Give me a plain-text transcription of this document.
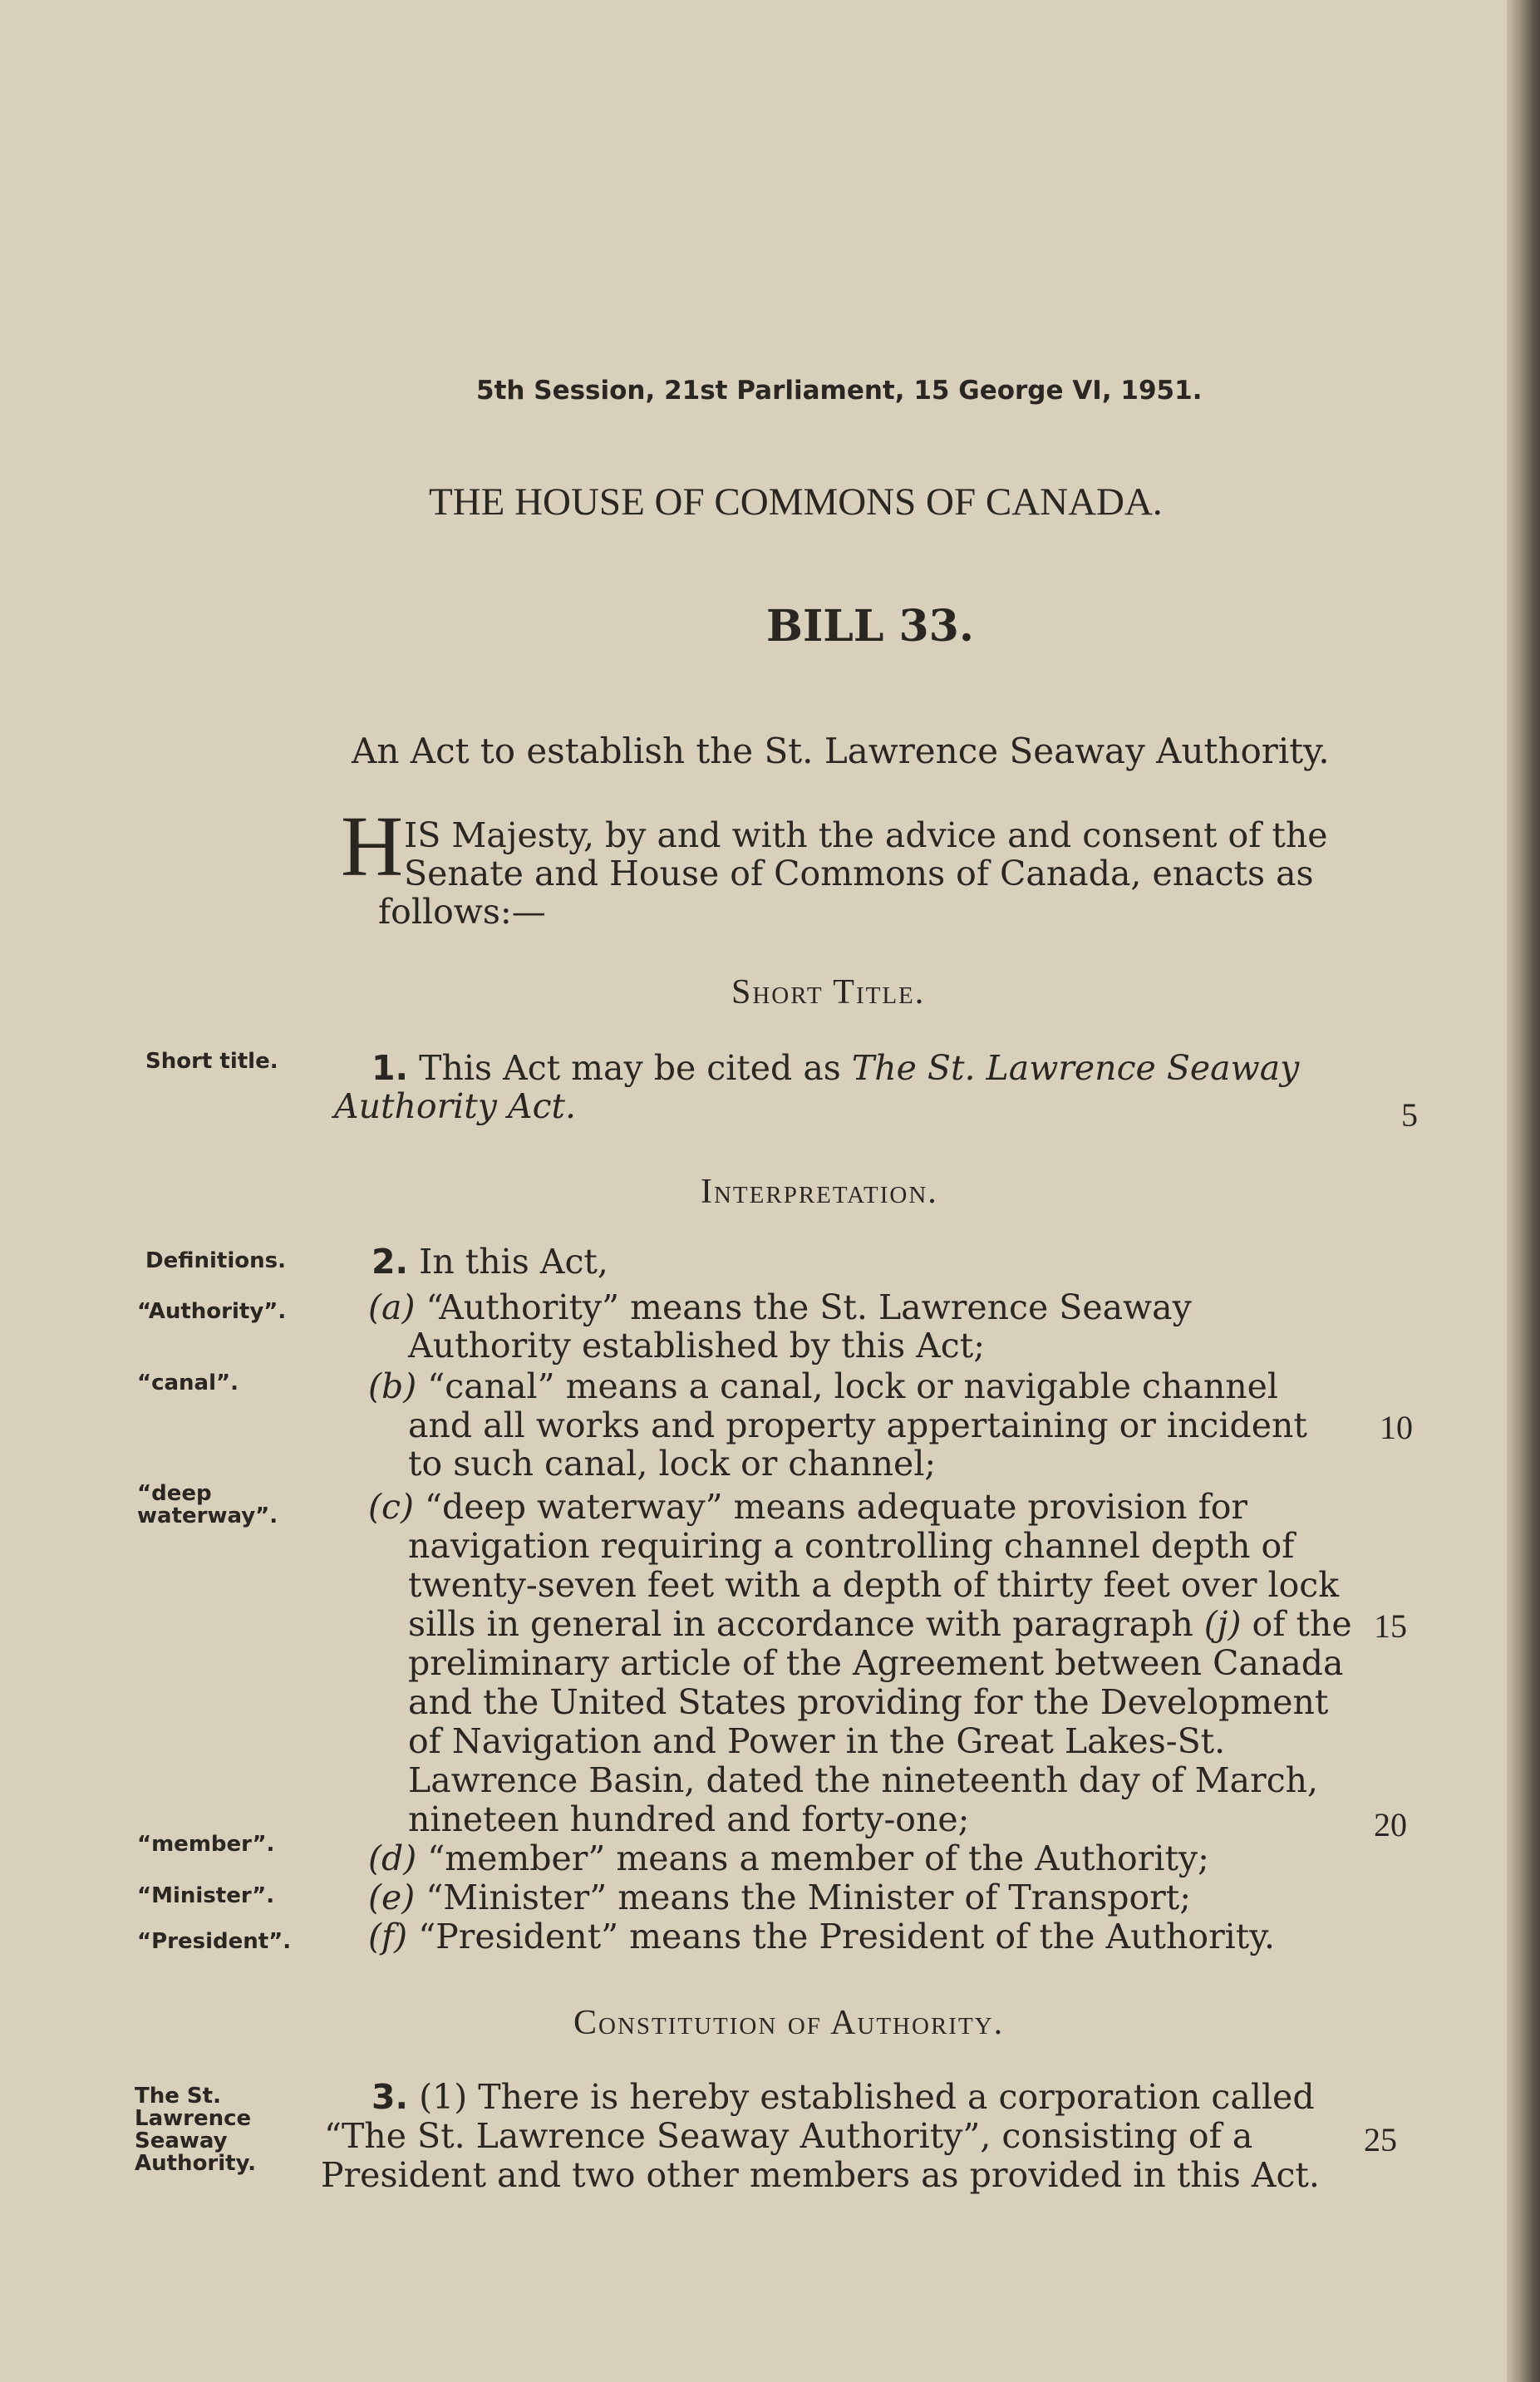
5th Session, 21st Parliament, 15 George VI, 1951.
THE HOUSE OF COMMONS OF CANADA.
BILL 33.
An Act to establish the St. Lawrence Seaway Authority.
H IS Majesty, by and with the advice and consent of the
Senate and House of Commons of Canada, enacts as
follows:—
Short Title.
Short title.	1. This Act may be cited as The St. Lawrence Seaway
Authority Act.	5
Interpretation.
Definitions.	2. In this Act,
“Authority”. (a) “Authority” means the St. Lawrence Seaway
Authority established by this Act;
“canal”.	(b) “canal” means a canal, lock or navigable channel
and all works and property appertaining or incident 10
to such canal, lock or channel;
“deep
waterway”.	(c) “deep waterway” means adequate provision for
navigation requiring a controlling channel depth of
twenty-seven feet with a depth of thirty feet over lock
sills in general in accordance with paragraph (j) of the 15
preliminary article of the Agreement between Canada
and the United States providing for the Development
of Navigation and Power in the Great Lakes-St.
Lawrence Basin, dated the nineteenth day of March,
nineteen hundred and forty-one;	20
“member”.	(d) “member” means a member of the Authority;
“Minister”.	(e) “Minister” means the Minister of Transport;
“President”. (f) “President” means the President of the Authority.
Constitution of Authority.
The St.
Lawrence
Seaway
Authority.
3. (1) There is hereby established a corporation called
“The St. Lawrence Seaway Authority”, consisting of a	25
President and two other members as provided in this Act.
